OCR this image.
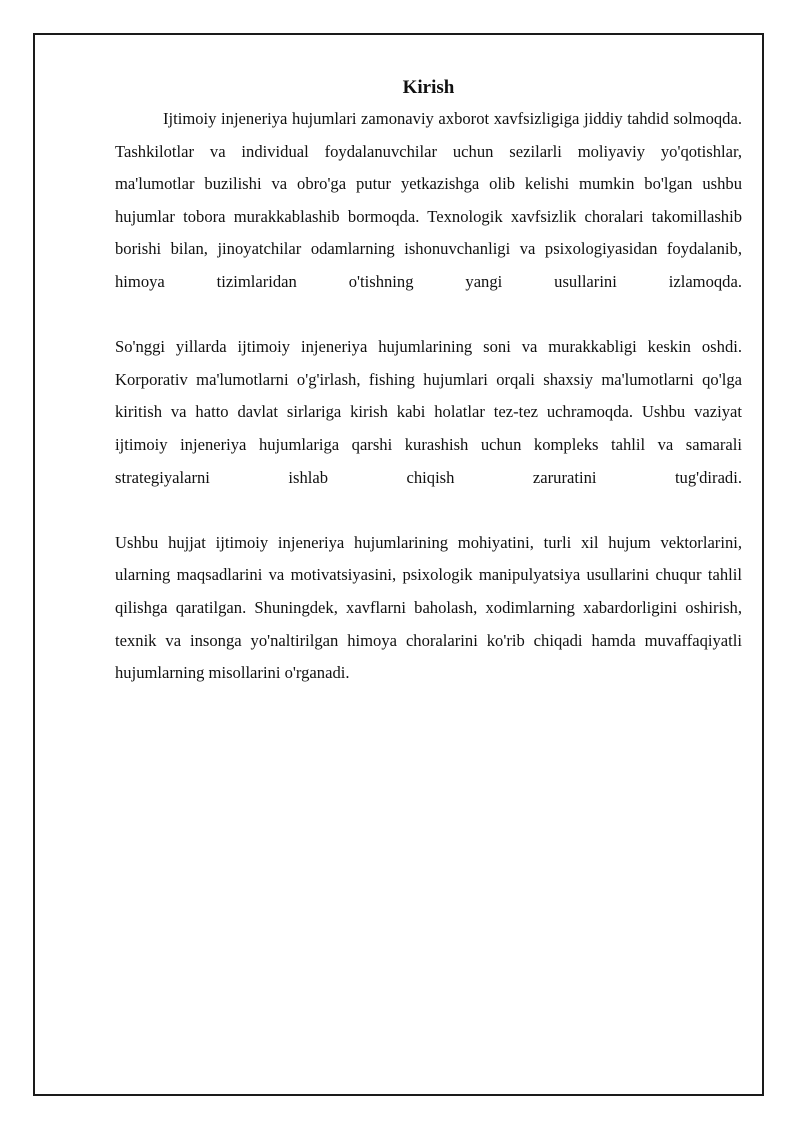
Kirish

Ijtimoiy injeneriya hujumlari zamonaviy axborot xavfsizligiga jiddiy tahdid solmoqda. Tashkilotlar va individual foydalanuvchilar uchun sezilarli moliyaviy yo'qotishlar, ma'lumotlar buzilishi va obro'ga putur yetkazishga olib kelishi mumkin bo'lgan ushbu hujumlar tobora murakkablashib bormoqda. Texnologik xavfsizlik choralari takomillashib borishi bilan, jinoyatchilar odamlarning ishonuvchanligi va psixologiyasidan foydalanib, himoya tizimlaridan o'tishning yangi usullarini izlamoqda.

So'nggi yillarda ijtimoiy injeneriya hujumlarining soni va murakkabligi keskin oshdi. Korporativ ma'lumotlarni o'g'irlash, fishing hujumlari orqali shaxsiy ma'lumotlarni qo'lga kiritish va hatto davlat sirlariga kirish kabi holatlar tez-tez uchramoqda. Ushbu vaziyat ijtimoiy injeneriya hujumlariga qarshi kurashish uchun kompleks tahlil va samarali strategiyalarni ishlab chiqish zaruratini tug'diradi.

Ushbu hujjat ijtimoiy injeneriya hujumlarining mohiyatini, turli xil hujum vektorlarini, ularning maqsadlarini va motivatsiyasini, psixologik manipulyatsiya usullarini chuqur tahlil qilishga qaratilgan. Shuningdek, xavflarni baholash, xodimlarning xabardorligini oshirish, texnik va insonga yo'naltirilgan himoya choralarini ko'rib chiqadi hamda muvaffaqiyatli hujumlarning misollarini o'rganadi.
